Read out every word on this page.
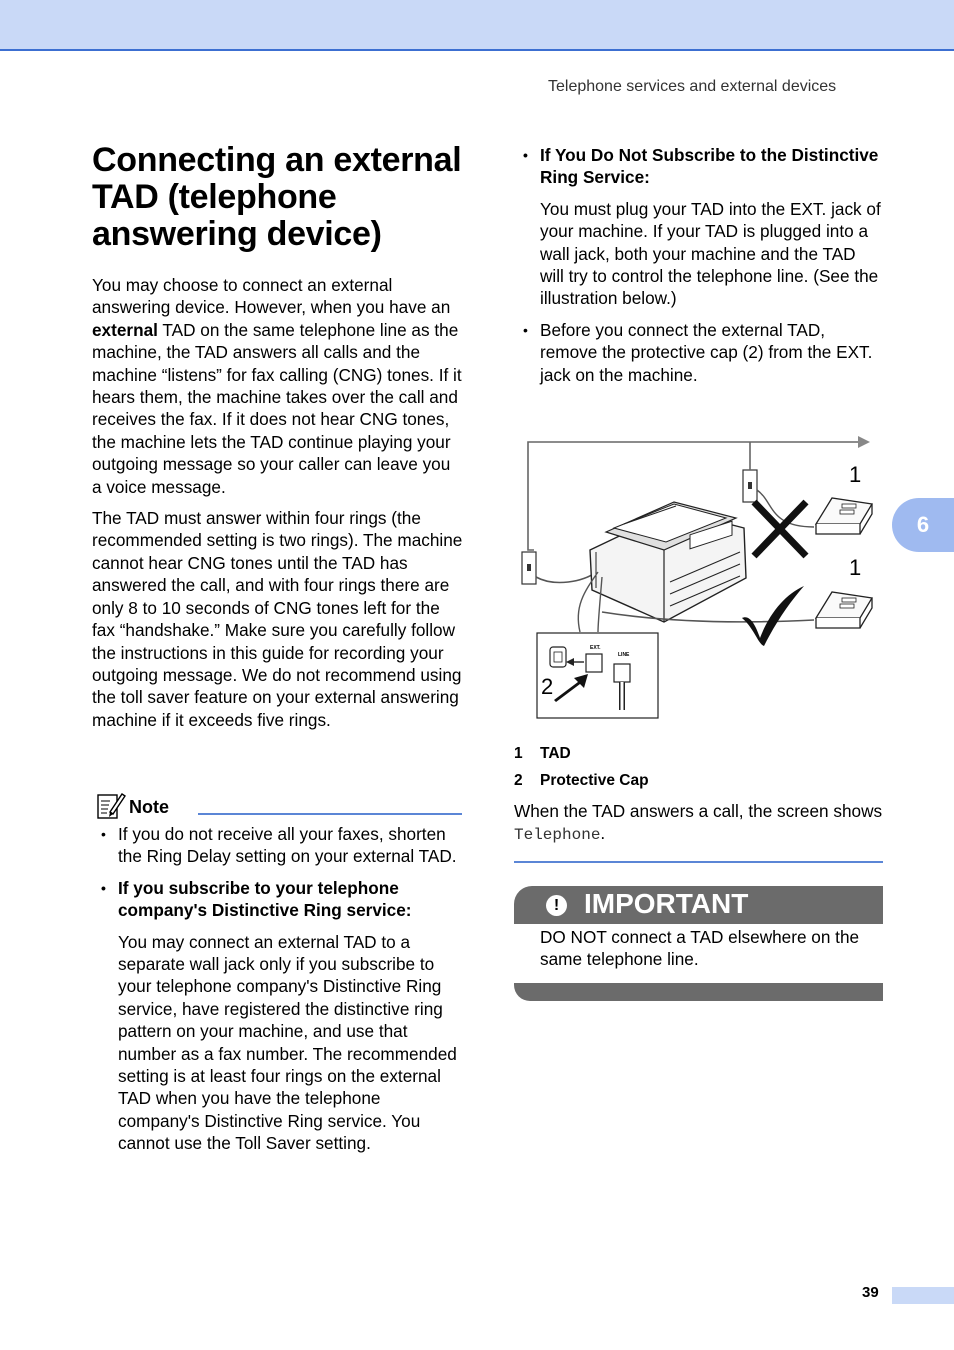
Telephone services and external devices
6
Connecting an external TAD (telephone answering device)

You may choose to connect an external answering device. However, when you have an external TAD on the same telephone line as the machine, the TAD answers all calls and the machine “listens” for fax calling (CNG) tones. If it hears them, the machine takes over the call and receives the fax. If it does not hear CNG tones, the machine lets the TAD continue playing your outgoing message so your caller can leave you a voice message.

The TAD must answer within four rings (the recommended setting is two rings). The machine cannot hear CNG tones until the TAD has answered the call, and with four rings there are only 8 to 10 seconds of CNG tones left for the fax “handshake.” Make sure you carefully follow the instructions in this guide for recording your outgoing message. We do not recommend using the toll saver feature on your external answering machine if it exceeds five rings.

Note
• If you do not receive all your faxes, shorten the Ring Delay setting on your external TAD.
• If you subscribe to your telephone company's Distinctive Ring service:

You may connect an external TAD to a separate wall jack only if you subscribe to your telephone company's Distinctive Ring service, have registered the distinctive ring pattern on your machine, and use that number as a fax number. The recommended setting is at least four rings on the external TAD when you have the telephone company's Distinctive Ring service. You cannot use the Toll Saver setting.

• If You Do Not Subscribe to the Distinctive Ring Service:

You must plug your TAD into the EXT. jack of your machine. If your TAD is plugged into a wall jack, both your machine and the TAD will try to control the telephone line. (See the illustration below.)

• Before you connect the external TAD, remove the protective cap (2) from the EXT. jack on the machine.
1
1
EXT.
LINE
2
1 TAD
2 Protective Cap

When the TAD answers a call, the screen shows Telephone.

! IMPORTANT

DO NOT connect a TAD elsewhere on the same telephone line.

39
